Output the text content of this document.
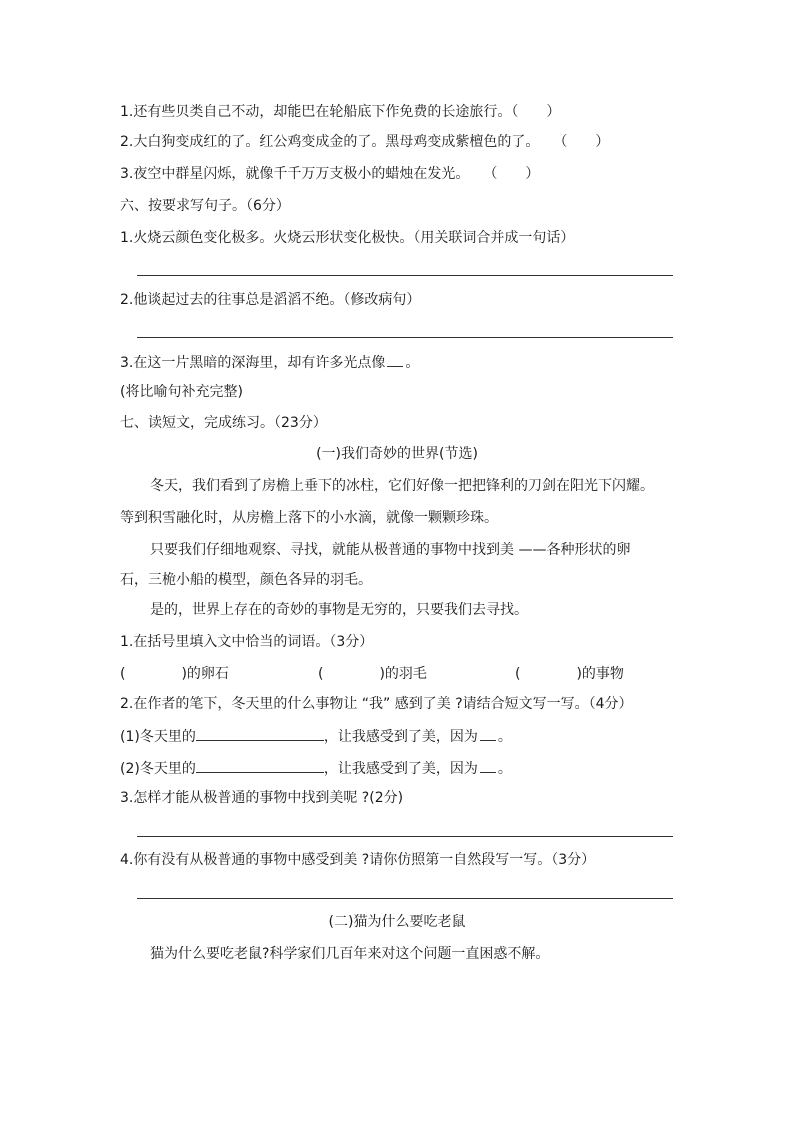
1.还有些贝类自己不动，却能巴在轮船底下作免费的长途旅行。（　　）
2.大白狗变成红的了。红公鸡变成金的了。黑母鸡变成紫檀色的了。　　（　　）
3.夜空中群星闪烁，就像千千万万支极小的蜡烛在发光。　　（　　）
六、按要求写句子。（6分）
1.火烧云颜色变化极多。火烧云形状变化极快。（用关联词合并成一句话）
2.他谈起过去的往事总是滔滔不绝。（修改病句）
3.在这一片黑暗的深海里，却有许多光点像 。
(将比喻句补充完整)
七、读短文，完成练习。（23分）
(一)我们奇妙的世界(节选)
冬天，我们看到了房檐上垂下的冰柱，它们好像一把把锋利的刀剑在阳光下闪耀。
等到积雪融化时，从房檐上落下的小水滴，就像一颗颗珍珠。
只要我们仔细地观察、寻找，就能从极普通的事物中找到美 ——各种形状的卵
石，三桅小船的模型，颜色各异的羽毛。
是的，世界上存在的奇妙的事物是无穷的，只要我们去寻找。
1.在括号里填入文中恰当的词语。（3分）
(　　　　)的卵石	(　　　　)的羽毛	(　　　　)的事物
2.在作者的笔下，冬天里的什么事物让 “我” 感到了美 ?请结合短文写一写。（4分）
(1)冬天里的	，让我感受到了美，因为 。
(2)冬天里的	，让我感受到了美，因为 。
3.怎样才能从极普通的事物中找到美呢 ?(2分)
4.你有没有从极普通的事物中感受到美 ?请你仿照第一自然段写一写。（3分）
(二)猫为什么要吃老鼠
猫为什么要吃老鼠?科学家们几百年来对这个问题一直困惑不解。
